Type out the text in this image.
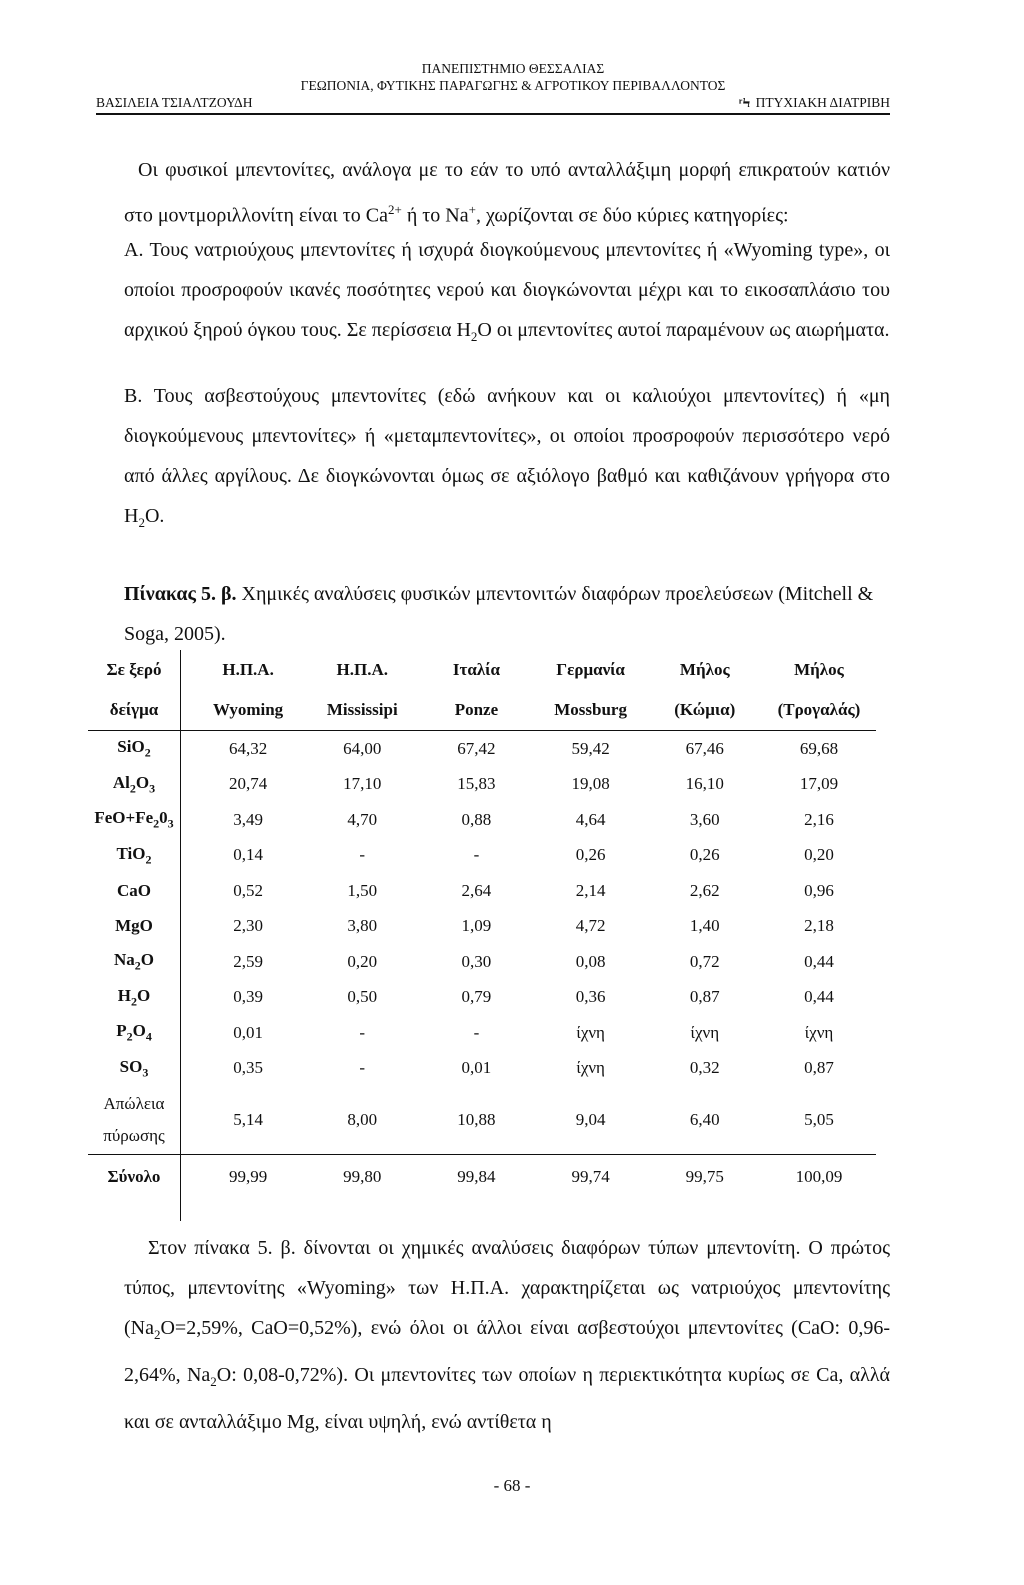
ΠΑΝΕΠΙΣΤΗΜΙΟ ΘΕΣΣΑΛΙΑΣ
ΓΕΩΠΟΝΙΑ, ΦΥΤΙΚΗΣ ΠΑΡΑΓΩΓΗΣ & ΑΓΡΟΤΙΚΟΥ ΠΕΡΙΒΑΛΛΟΝΤΟΣ
ΒΑΣΙΛΕΙΑ ΤΣΙΑΛΤΖΟΥΔΗ	ʳϞ ΠΤΥΧΙΑΚΗ ΔΙΑΤΡΙΒΗ
Οι φυσικοί μπεντονίτες, ανάλογα με το εάν το υπό ανταλλάξιμη μορφή επικρατούν κατιόν στο μοντμοριλλονίτη είναι το $Ca^{2+}$ ή το Na+, χωρίζονται σε δύο κύριες κατηγορίες:
Α. Τους νατριούχους μπεντονίτες ή ισχυρά διογκούμενους μπεντονίτες ή «Wyoming type», οι οποίοι προσροφούν ικανές ποσότητες νερού και διογκώνονται μέχρι και το εικοσαπλάσιο του αρχικού ξηρού όγκου τους. Σε περίσσεια $H_2O$ οι μπεντονίτες αυτοί παραμένουν ως αιωρήματα.
Β. Τους ασβεστούχους μπεντονίτες (εδώ ανήκουν και οι καλιούχοι μπεντονίτες) ή «μη διογκούμενους μπεντονίτες» ή «μεταμπεντονίτες», οι οποίοι προσροφούν περισσότερο νερό από άλλες αργίλους. Δε διογκώνονται όμως σε αξιόλογο βαθμό και καθιζάνουν γρήγορα στο $H_2O$.
Πίνακας 5. β. Χημικές αναλύσεις φυσικών μπεντονιτών διαφόρων προελεύσεων (Mitchell & Soga, 2005).
Σε ξερό	Η.Π.Α.	Η.Π.Α.	Ιταλία	Γερμανία	Μήλος	Μήλος
δείγμα	Wyoming	Mississipi	Ponze	Mossburg	(Κώμια)	(Τρογαλάς)
SiO$_2$	64,32	64,00	67,42	59,42	67,46	69,68
$Al_2O_3$	20,74	17,10	15,83	19,08	16,10	17,09
$FeO+Fe_20_3$	3,49	4,70	0,88	4,64	3,60	2,16
TiO$_2$	0,14	-	-	0,26	0,26	0,20
CaO	0,52	1,50	2,64	2,14	2,62	0,96
MgO	2,30	3,80	1,09	4,72	1,40	2,18
$Na_2O$	2,59	0,20	0,30	0,08	0,72	0,44
$H_2O$	0,39	0,50	0,79	0,36	0,87	0,44
$P_2O_4$	0,01	-	-	ίχνη	ίχνη	ίχνη
$SO_3$	0,35	-	0,01	ίχνη	0,32	0,87
Απώλεια
πύρωσης
5,14	8,00	10,88	9,04	6,40	5,05
Σύνολο	99,99	99,80	99,84	99,74	99,75	100,09
Στον πίνακα 5. β. δίνονται οι χημικές αναλύσεις διαφόρων τύπων μπεντονίτη. Ο πρώτος τύπος, μπεντονίτης «Wyoming» των Η.Π.Α. χαρακτηρίζεται ως νατριούχος μπεντονίτης ($Na_2O=2,59\%$, CaO=0,52%), ενώ όλοι οι άλλοι είναι ασβεστούχοι μπεντονίτες (CaO: 0,96-2,64%, $Na_2O$: 0,08-0,72%). Οι μπεντονίτες των οποίων η περιεκτικότητα κυρίως σε Ca, αλλά και σε ανταλλάξιμο Mg, είναι υψηλή, ενώ αντίθετα η
- 68 -
